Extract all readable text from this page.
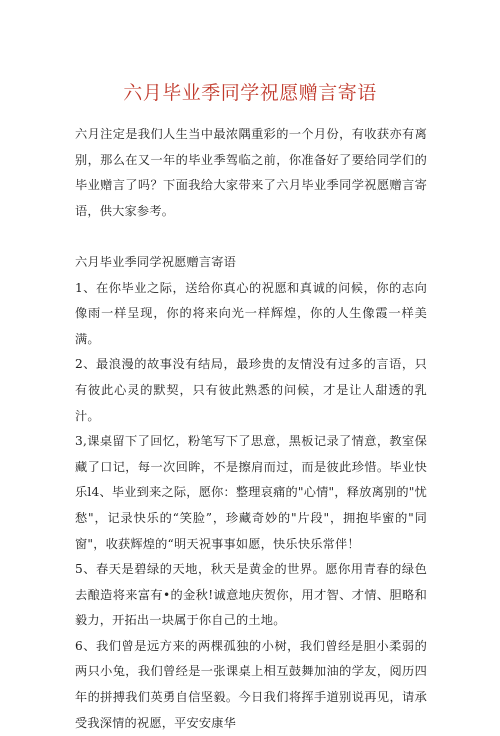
六月毕业季同学祝愿赠言寄语

六月注定是我们人生当中最浓隅重彩的一个月份，有收获亦有离别，那么在又一年的毕业季驾临之前，你准备好了要给同学们的毕业赠言了吗？下面我给大家带来了六月毕业季同学祝愿赠言寄语，供大家参考。

六月毕业季同学祝愿赠言寄语

1、在你毕业之际，送给你真心的祝愿和真诚的问候，你的志向像雨一样呈现，你的将来向光一样辉煌，你的人生像霞一样美满。

2、最浪漫的故事没有结局，最珍贵的友情没有过多的言语，只有彼此心灵的默契，只有彼此熟悉的问候，才是让人甜透的乳汁。

3,课桌留下了回忆，粉笔写下了思意，黑板记录了情意，教室保藏了口记，每一次回眸，不是擦肩而过，而是彼此珍惜。毕业快乐l4、毕业到来之际，愿你：整理哀痛的"心情"，释放离别的"忧愁"，记录快乐的“笑脸”，珍藏奇妙的"片段"，拥抱毕蜜的"同窗"，收获辉煌的“明天祝事事如愿，快乐快乐常伴！

5、春天是碧绿的天地，秋天是黄金的世界。愿你用青春的绿色去酿造将来富有•的金秋!诚意地庆贺你，用才智、才情、胆略和毅力，开拓出一块属于你自己的土地。

6、我们曾是远方来的两棵孤独的小树，我们曾经是胆小柔弱的两只小兔，我们曾经是一张课桌上相互鼓舞加油的学友，阅历四年的拼搏我们英勇自信坚毅。今日我们将挥手道别说再见，请承受我深情的祝愿，平安安康华
